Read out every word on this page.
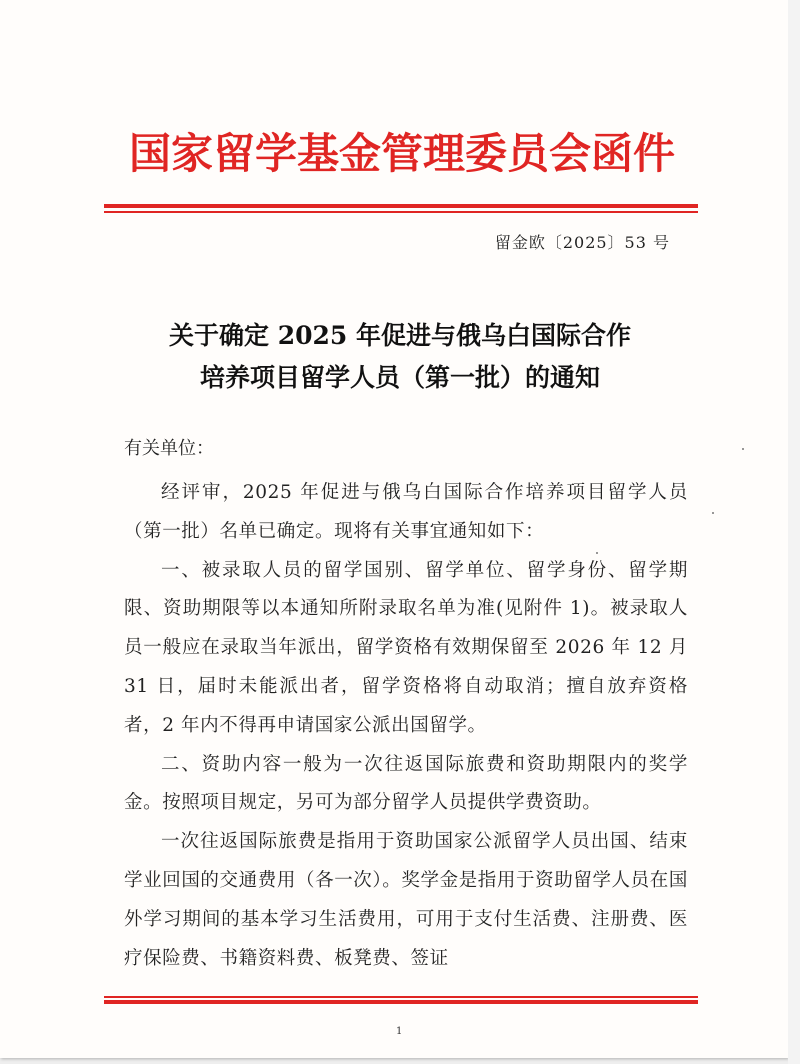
国家留学基金管理委员会函件
留金欧〔2025〕53 号
关于确定 2025 年促进与俄乌白国际合作
培养项目留学人员（第一批）的通知
有关单位：

经评审，2025 年促进与俄乌白国际合作培养项目留学人员（第一批）名单已确定。现将有关事宜通知如下：

一、被录取人员的留学国别、留学单位、留学身份、留学期限、资助期限等以本通知所附录取名单为准(见附件 1)。被录取人员一般应在录取当年派出，留学资格有效期保留至 2026 年 12 月 31 日，届时未能派出者，留学资格将自动取消；擅自放弃资格者，2 年内不得再申请国家公派出国留学。

二、资助内容一般为一次往返国际旅费和资助期限内的奖学金。按照项目规定，另可为部分留学人员提供学费资助。

一次往返国际旅费是指用于资助国家公派留学人员出国、结束学业回国的交通费用（各一次）。奖学金是指用于资助留学人员在国外学习期间的基本学习生活费用，可用于支付生活费、注册费、医疗保险费、书籍资料费、板凳费、签证

1
